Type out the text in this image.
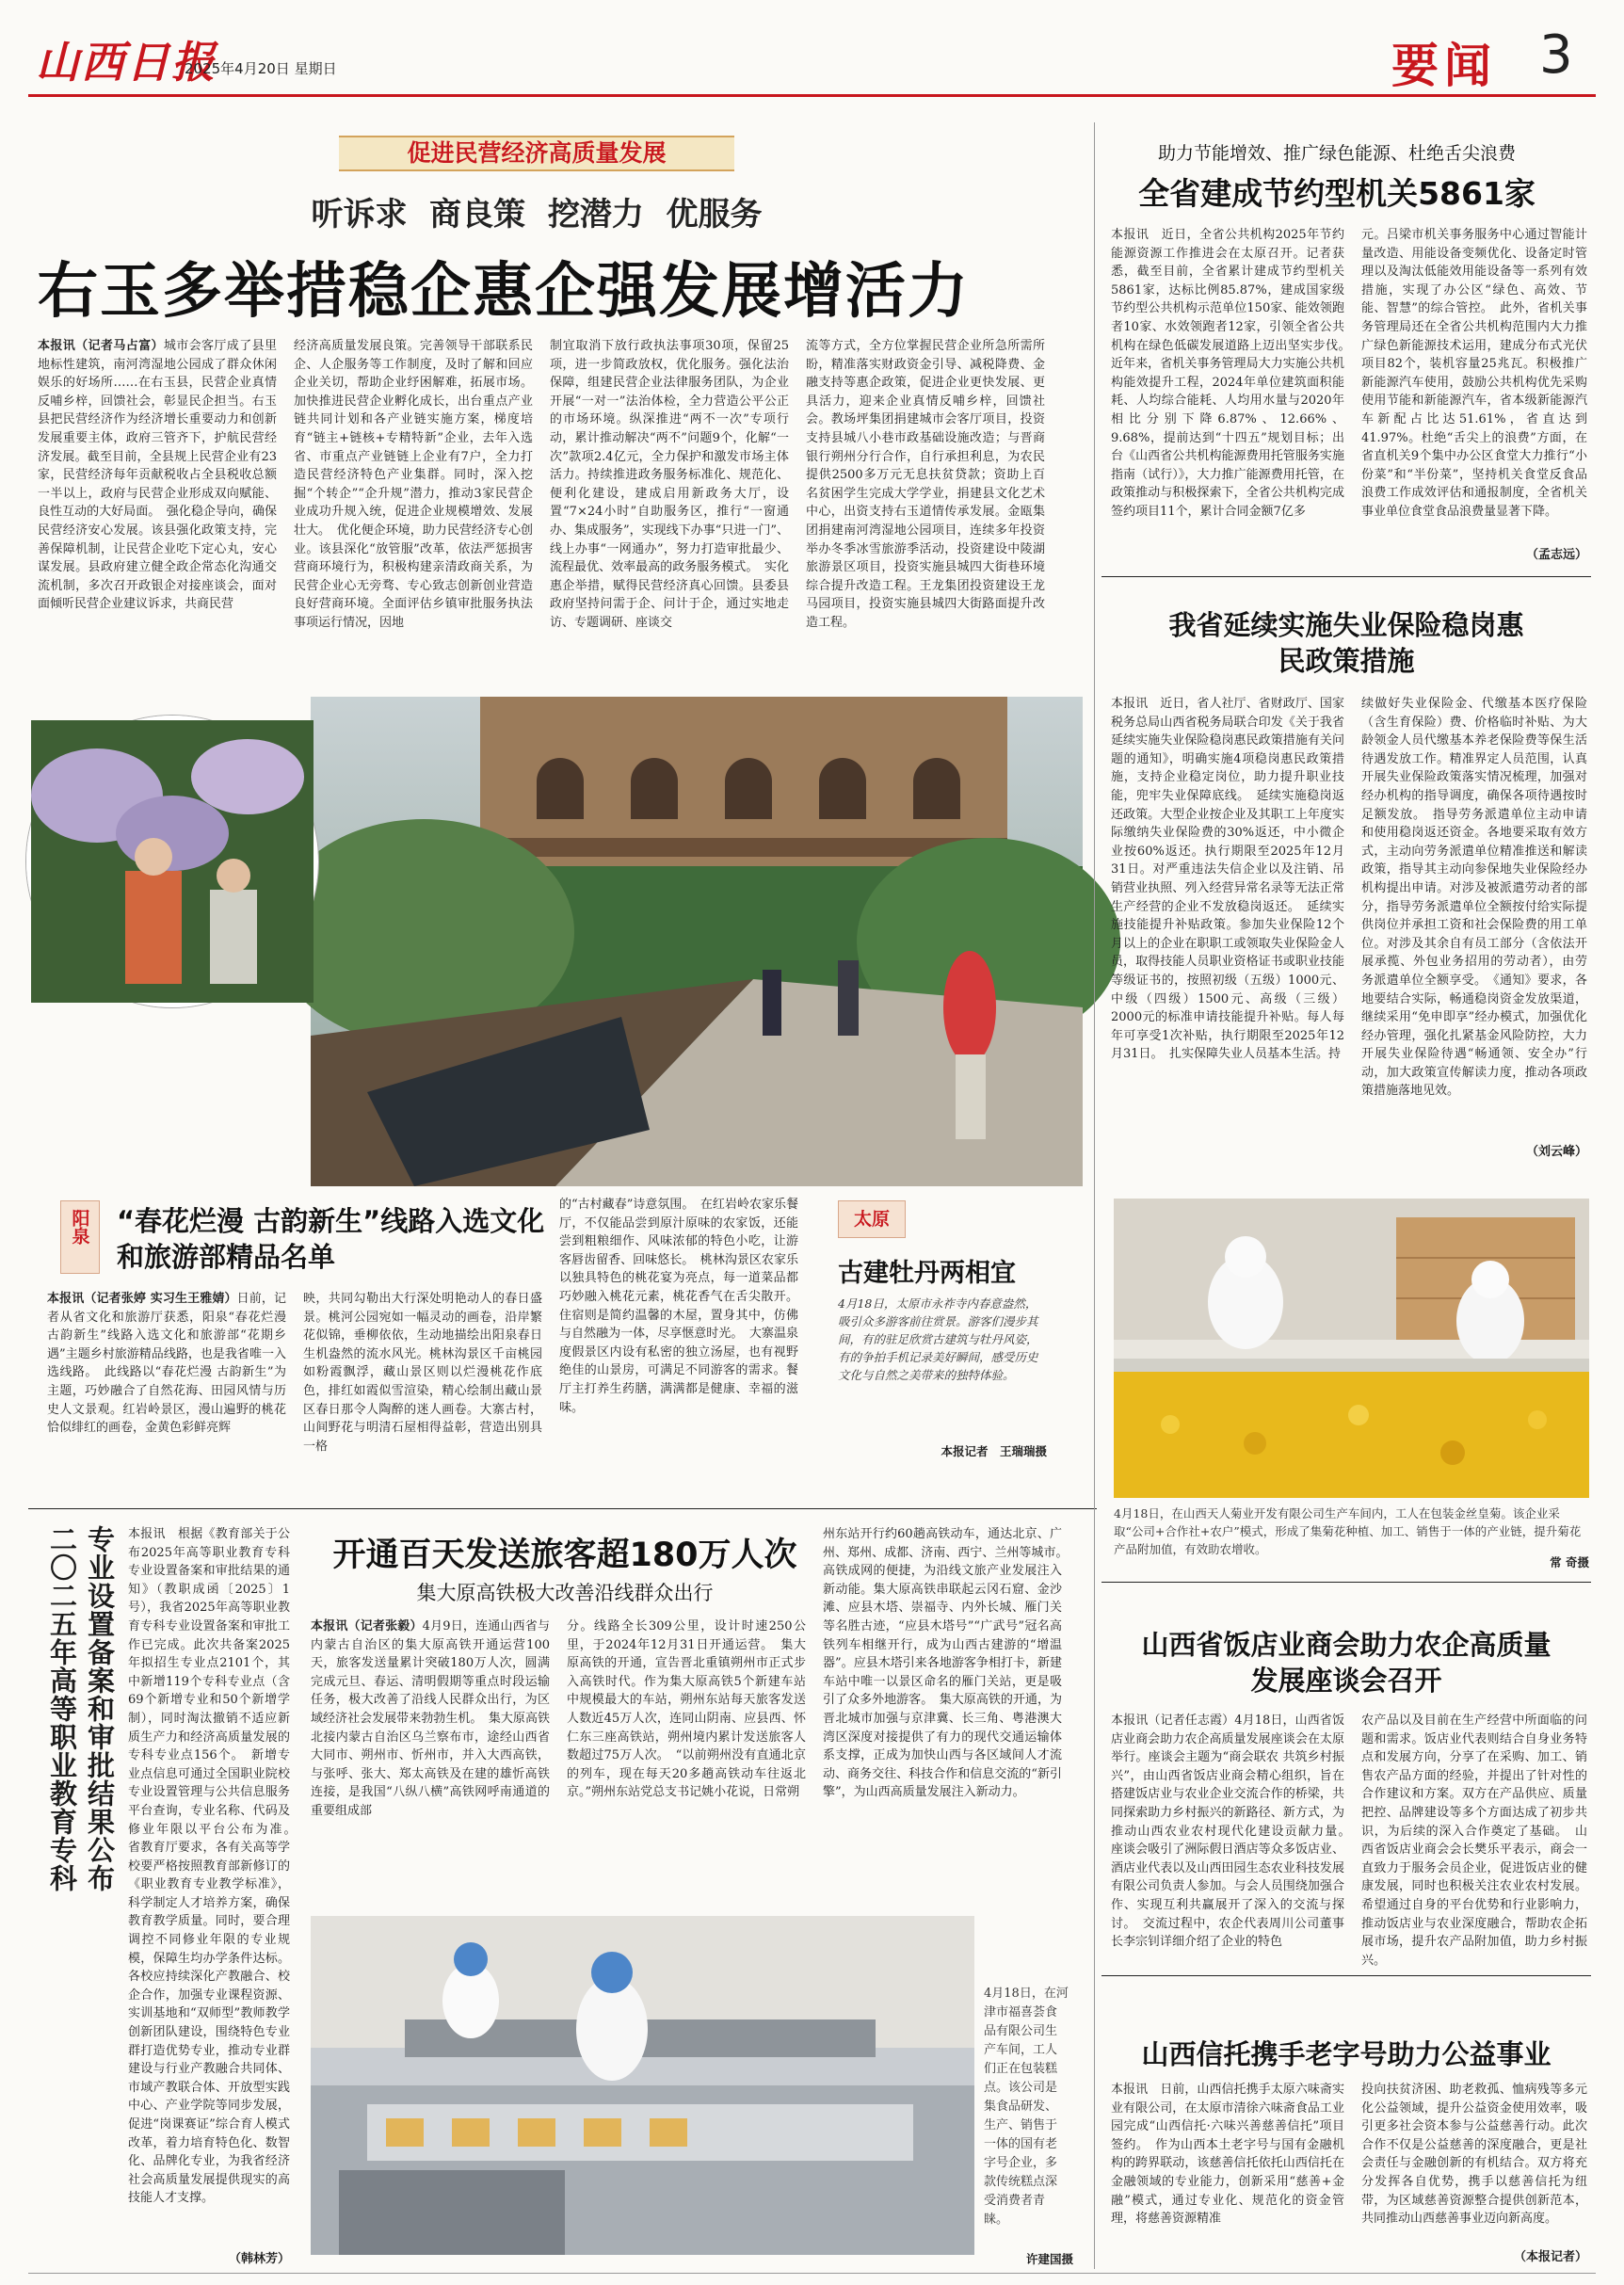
山西日报
2025年4月20日 星期日	要闻 3
促进民营经济高质量发展
听诉求  商良策  挖潜力  优服务
右玉多举措稳企惠企强发展增活力
本报讯（记者马占富）城市会客厅成了县里地标性建筑，南河湾湿地公园成了群众休闲娱乐的好场所……在右玉县，民营企业真情反哺乡梓，回馈社会，彰显民企担当。右玉县把民营经济作为经济增长重要动力和创新发展重要主体，政府三管齐下，护航民营经济发展。截至目前，全县规上民营企业有23家，民营经济每年贡献税收占全县税收总额一半以上，政府与民营企业形成双向赋能、良性互动的大好局面。　强化稳企导向，确保民营经济安心发展。该县强化政策支持，完善保障机制，让民营企业吃下定心丸，安心谋发展。县政府建立健全政企常态化沟通交流机制，多次召开政银企对接座谈会，面对面倾听民营企业建议诉求，共商民营
经济高质量发展良策。完善领导干部联系民企、人企服务等工作制度，及时了解和回应企业关切，帮助企业纾困解难，拓展市场。加快推进民营企业孵化成长，出台重点产业链共同计划和各产业链实施方案，梯度培育“链主+链核+专精特新”企业，去年入选省、市重点产业链链上企业有7户，全力打造民营经济特色产业集群。同时，深入挖掘“个转企”“企升规”潜力，推动3家民营企业成功升规入统，促进企业规模增效、发展壮大。　优化便企环境，助力民营经济专心创业。该县深化“放管服”改革，依法严惩损害营商环境行为，积极构建亲清政商关系，为民营企业心无旁骛、专心致志创新创业营造良好营商环境。全面评估乡镇审批服务执法事项运行情况，因地
制宜取消下放行政执法事项30项，保留25项，进一步简政放权，优化服务。强化法治保障，组建民营企业法律服务团队，为企业开展“一对一”法治体检，全力营造公平公正的市场环境。纵深推进“两不一次”专项行动，累计推动解决“两不”问题9个，化解“一次”款项2.4亿元，全力保护和激发市场主体活力。持续推进政务服务标准化、规范化、便利化建设，建成启用新政务大厅，设置“7×24小时”自助服务区，推行“一窗通办、集成服务”，实现线下办事“只进一门”、线上办事“一网通办”，努力打造审批最少、流程最优、效率最高的政务服务模式。　实化惠企举措，赋得民营经济真心回馈。县委县政府坚持问需于企、问计于企，通过实地走访、专题调研、座谈交
流等方式，全方位掌握民营企业所急所需所盼，精准落实财政资金引导、减税降费、金融支持等惠企政策，促进企业更快发展、更具活力，迎来企业真情反哺乡梓，回馈社会。教场坪集团捐建城市会客厅项目，投资支持县城八小巷市政基础设施改造；与晋商银行朔州分行合作，自行承担利息，为农民提供2500多万元无息扶贫贷款；资助上百名贫困学生完成大学学业，捐建县文化艺术中心，出资支持右玉道情传承发展。金瓯集团捐建南河湾湿地公园项目，连续多年投资举办冬季冰雪旅游季活动，投资建设中陵湖旅游景区项目，投资实施县城四大街巷环境综合提升改造工程。王龙集团投资建设王龙马园项目，投资实施县城四大街路面提升改造工程。
助力节能增效、推广绿色能源、杜绝舌尖浪费
全省建成节约型机关5861家
本报讯　近日，全省公共机构2025年节约能源资源工作推进会在太原召开。记者获悉，截至目前，全省累计建成节约型机关5861家，达标比例85.87%，建成国家级节约型公共机构示范单位150家、能效领跑者10家、水效领跑者12家，引领全省公共机构在绿色低碳发展道路上迈出坚实步伐。　近年来，省机关事务管理局大力实施公共机构能效提升工程，2024年单位建筑面积能耗、人均综合能耗、人均用水量与2020年相比分别下降6.87%、12.66%、9.68%，提前达到“十四五”规划目标；出台《山西省公共机构能源费用托管服务实施指南（试行）》，大力推广能源费用托管，在政策推动与积极探索下，全省公共机构完成签约项目11个，累计合同金额7亿多
元。吕梁市机关事务服务中心通过智能计量改造、用能设备变频优化、设备定时管理以及淘汰低能效用能设备等一系列有效措施，实现了办公区“绿色、高效、节能、智慧”的综合管控。　此外，省机关事务管理局还在全省公共机构范围内大力推广绿色新能源技术运用，建成分布式光伏项目82个，装机容量25兆瓦。积极推广新能源汽车使用，鼓励公共机构优先采购使用节能和新能源汽车，省本级新能源汽车新配占比达51.61%，省直达到41.97%。杜绝“舌尖上的浪费”方面，在省直机关9个集中办公区食堂大力推行“小份菜”和“半份菜”，坚持机关食堂反食品浪费工作成效评估和通报制度，全省机关事业单位食堂食品浪费量显著下降。
（孟志远）
阳泉 “春花烂漫 古韵新生”线路入选文化和旅游部精品名单
本报讯（记者张婷 实习生王雅婧）日前，记者从省文化和旅游厅获悉，阳泉“春花烂漫 古韵新生”线路入选文化和旅游部“花期乡遇”主题乡村旅游精品线路，也是我省唯一入选线路。　此线路以“春花烂漫 古韵新生”为主题，巧妙融合了自然花海、田园风情与历史人文景观。红岩岭景区，漫山遍野的桃花恰似绯红的画卷，金黄色彩鲜亮辉
映，共同勾勒出大行深处明艳动人的春日盛景。桃河公园宛如一幅灵动的画卷，沿岸繁花似锦，垂柳依依，生动地描绘出阳泉春日生机盎然的流水风光。桃林沟景区千亩桃园如粉霞飘浮，藏山景区则以烂漫桃花作底色，排红如霞似雪渲染，精心绘制出藏山景区春日那令人陶醉的迷人画卷。大寨古村，山间野花与明清石屋相得益彰，营造出别具一格
的“古村藏春”诗意氛围。　在红岩岭农家乐餐厅，不仅能品尝到原汁原味的农家饭，还能尝到粗粮细作、风味浓郁的特色小吃，让游客唇齿留香、回味悠长。　桃林沟景区农家乐以独具特色的桃花宴为亮点，每一道菜品都巧妙融入桃花元素，桃花香气在舌尖散开。住宿则是简约温馨的木屋，置身其中，仿佛与自然融为一体，尽享惬意时光。　大寨温泉度假景区内设有私密的独立汤屋，也有视野绝佳的山景房，可满足不同游客的需求。餐厅主打养生药膳，满满都是健康、幸福的滋味。
太原
古建牡丹两相宜
4月18日，太原市永祚寺内春意盎然，吸引众多游客前往赏景。游客们漫步其间，有的驻足欣赏古建筑与牡丹风姿，有的争拍手机记录美好瞬间，感受历史文化与自然之美带来的独特体验。
本报记者　王瑞瑞摄
我省延续实施失业保险稳岗惠民政策措施
本报讯　近日，省人社厅、省财政厅、国家税务总局山西省税务局联合印发《关于我省延续实施失业保险稳岗惠民政策措施有关问题的通知》，明确实施4项稳岗惠民政策措施，支持企业稳定岗位，助力提升职业技能，兜牢失业保障底线。　延续实施稳岗返还政策。大型企业按企业及其职工上年度实际缴纳失业保险费的30%返还，中小微企业按60%返还。执行期限至2025年12月31日。对严重违法失信企业以及注销、吊销营业执照、列入经营异常名录等无法正常生产经营的企业不发放稳岗返还。　延续实施技能提升补贴政策。参加失业保险12个月以上的企业在职职工或领取失业保险金人员，取得技能人员职业资格证书或职业技能等级证书的，按照初级（五级）1000元、中级（四级）1500元、高级（三级）2000元的标准申请技能提升补贴。每人每年可享受1次补贴，执行期限至2025年12月31日。　扎实保障失业人员基本生活。持
续做好失业保险金、代缴基本医疗保险（含生育保险）费、价格临时补贴、为大龄领金人员代缴基本养老保险费等保生活待遇发放工作。精准界定人员范围，认真开展失业保险政策落实情况梳理，加强对经办机构的指导调度，确保各项待遇按时足额发放。　指导劳务派遣单位主动申请和使用稳岗返还资金。各地要采取有效方式，主动向劳务派遣单位精准推送和解读政策，指导其主动向参保地失业保险经办机构提出申请。对涉及被派遣劳动者的部分，指导劳务派遣单位全额按付给实际提供岗位并承担工资和社会保险费的用工单位。对涉及其余自有员工部分（含依法开展承揽、外包业务招用的劳动者），由劳务派遣单位全额享受。　《通知》要求，各地要结合实际，畅通稳岗资金发放渠道，继续采用“免申即享”经办模式，加强优化经办管理，强化扎紧基金风险防控，大力开展失业保险待遇“畅通领、安全办”行动，加大政策宣传解读力度，推动各项政策措施落地见效。
（刘云峰）
4月18日，在山西天人菊业开发有限公司生产车间内，工人在包装金丝皇菊。该企业采取“公司+合作社+农户”模式，形成了集菊花种植、加工、销售于一体的产业链，提升菊花产品附加值，有效助农增收。
常 奇摄
专业设置备案和审批结果公布
二〇二五年高等职业教育专科	本报讯　根据《教育部关于公布2025年高等职业教育专科专业设置备案和审批结果的通知》（教职成函〔2025〕1号），我省2025年高等职业教育专科专业设置备案和审批工作已完成。此次共备案2025年拟招生专业点2101个，其中新增119个专科专业点（含69个新增专业和50个新增学制），同时淘汰撤销不适应新质生产力和经济高质量发展的专科专业点156个。　新增专业点信息可通过全国职业院校专业设置管理与公共信息服务平台查询，专业名称、代码及修业年限以平台公布为准。　省教育厅要求，各有关高等学校要严格按照教育部新修订的《职业教育专业教学标准》，科学制定人才培养方案，确保教育教学质量。同时，要合理调控不同修业年限的专业规模，保障生均办学条件达标。各校应持续深化产教融合、校企合作，加强专业课程资源、实训基地和“双师型”教师教学创新团队建设，围绕特色专业群打造优势专业，推动专业群建设与行业产教融合共同体、市域产教联合体、开放型实践中心、产业学院等同步发展，促进“岗课赛证”综合育人模式改革，着力培育特色化、数智化、品牌化专业，为我省经济社会高质量发展提供现实的高技能人才支撑。
（韩林芳）
开通百天发送旅客超180万人次
集大原高铁极大改善沿线群众出行
本报讯（记者张毅）4月9日，连通山西省与内蒙古自治区的集大原高铁开通运营100天，旅客发送量累计突破180万人次，圆满完成元旦、春运、清明假期等重点时段运输任务，极大改善了沿线人民群众出行，为区域经济社会发展带来勃勃生机。　集大原高铁北接内蒙古自治区乌兰察布市，途经山西省大同市、朔州市、忻州市，并入大西高铁，与张呼、张大、郑太高铁及在建的雄忻高铁连接，是我国“八纵八横”高铁网呼南通道的重要组成部
分。线路全长309公里，设计时速250公里，于2024年12月31日开通运营。　集大原高铁的开通，宣告晋北重镇朔州市正式步入高铁时代。作为集大原高铁5个新建车站中规模最大的车站，朔州东站每天旅客发送人数近45万人次，连同山阴南、应县西、怀仁东三座高铁站，朔州境内累计发送旅客人数超过75万人次。　“以前朔州没有直通北京的列车，现在每天20多趟高铁动车往返北京。”朔州东站党总支书记姚小花说，日常朔
州东站开行约60趟高铁动车，通达北京、广州、郑州、成都、济南、西宁、兰州等城市。　高铁成网的便捷，为沿线文旅产业发展注入新动能。集大原高铁串联起云冈石窟、金沙滩、应县木塔、崇福寺、内外长城、雁门关等名胜古迹，“应县木塔号”“广武号”冠名高铁列车相继开行，成为山西古建游的“增温器”。应县木塔引来各地游客争相打卡，新建车站中唯一以景区命名的雁门关站，更是吸引了众多外地游客。　集大原高铁的开通，为晋北城市加强与京津冀、长三角、粤港澳大湾区深度对接提供了有力的现代交通运输体系支撑，正成为加快山西与各区域间人才流动、商务交往、科技合作和信息交流的“新引擎”，为山西高质量发展注入新动力。
4月18日，在河津市福喜荟食品有限公司生产车间，工人们正在包装糕点。该公司是集食品研发、生产、销售于一体的国有老字号企业，多款传统糕点深受消费者青睐。
许建国摄
山西省饭店业商会助力农企高质量发展座谈会召开
本报讯（记者任志霞）4月18日，山西省饭店业商会助力农企高质量发展座谈会在太原举行。座谈会主题为“商会联农 共筑乡村振兴”，由山西省饭店业商会精心组织，旨在搭建饭店业与农业企业交流合作的桥梁，共同探索助力乡村振兴的新路径、新方式，为推动山西农业农村现代化建设贡献力量。　座谈会吸引了洲际假日酒店等众多饭店业、酒店业代表以及山西田园生态农业科技发展有限公司负责人参加。与会人员围绕加强合作、实现互利共赢展开了深入的交流与探讨。　交流过程中，农企代表周川公司董事长李宗钊详细介绍了企业的特色
农产品以及目前在生产经营中所面临的问题和需求。饭店业代表则结合自身业务特点和发展方向，分享了在采购、加工、销售农产品方面的经验，并提出了针对性的合作建议和方案。双方在产品供应、质量把控、品牌建设等多个方面达成了初步共识，为后续的深入合作奠定了基础。　山西省饭店业商会会长樊乐平表示，商会一直致力于服务会员企业，促进饭店业的健康发展，同时也积极关注农业农村发展。希望通过自身的平台优势和行业影响力，推动饭店业与农业深度融合，帮助农企拓展市场，提升农产品附加值，助力乡村振兴。
山西信托携手老字号助力公益事业
本报讯　日前，山西信托携手太原六味斋实业有限公司，在太原市清徐六味斋食品工业园完成“山西信托·六味兴善慈善信托”项目签约。　作为山西本土老字号与国有金融机构的跨界联动，该慈善信托依托山西信托在金融领域的专业能力，创新采用“慈善+金融”模式，通过专业化、规范化的资金管理，将慈善资源精准
投向扶贫济困、助老救孤、恤病残等多元化公益领域，提升公益资金使用效率，吸引更多社会资本参与公益慈善行动。此次合作不仅是公益慈善的深度融合，更是社会责任与金融创新的有机结合。双方将充分发挥各自优势，携手以慈善信托为纽带，为区域慈善资源整合提供创新范本，共同推动山西慈善事业迈向新高度。
（本报记者）
